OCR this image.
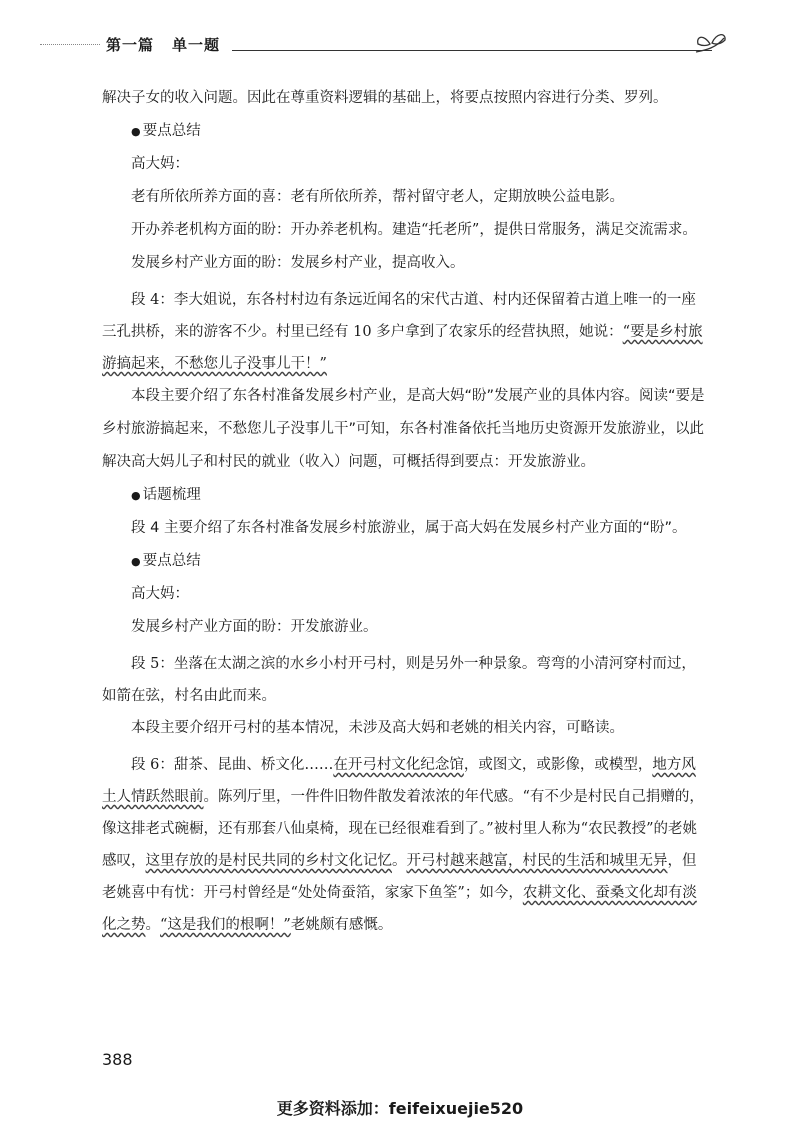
第一篇 单一题

解决子女的收入问题。因此在尊重资料逻辑的基础上，将要点按照内容进行分类、罗列。

● 要点总结

高大妈：

老有所依所养方面的喜：老有所依所养，帮衬留守老人，定期放映公益电影。

开办养老机构方面的盼：开办养老机构。建造“托老所”，提供日常服务，满足交流需求。

发展乡村产业方面的盼：发展乡村产业，提高收入。

段 4：李大姐说，东各村村边有条远近闻名的宋代古道、村内还保留着古道上唯一的一座三孔拱桥，来的游客不少。村里已经有 10 多户拿到了农家乐的经营执照，她说：“要是乡村旅游搞起来，不愁您儿子没事儿干！”

本段主要介绍了东各村准备发展乡村产业，是高大妈“盼”发展产业的具体内容。阅读“要是乡村旅游搞起来，不愁您儿子没事儿干”可知，东各村准备依托当地历史资源开发旅游业，以此解决高大妈儿子和村民的就业（收入）问题，可概括得到要点：开发旅游业。

● 话题梳理

段 4 主要介绍了东各村准备发展乡村旅游业，属于高大妈在发展乡村产业方面的“盼”。

● 要点总结

高大妈：

发展乡村产业方面的盼：开发旅游业。

段 5：坐落在太湖之滨的水乡小村开弓村，则是另外一种景象。弯弯的小清河穿村而过，如箭在弦，村名由此而来。

本段主要介绍开弓村的基本情况，未涉及高大妈和老姚的相关内容，可略读。

段 6：甜茶、昆曲、桥文化……在开弓村文化纪念馆，或图文，或影像，或模型，地方风土人情跃然眼前。陈列厅里，一件件旧物件散发着浓浓的年代感。“有不少是村民自己捐赠的，像这排老式碗橱，还有那套八仙桌椅，现在已经很难看到了。”被村里人称为“农民教授”的老姚感叹，这里存放的是村民共同的乡村文化记忆。开弓村越来越富，村民的生活和城里无异，但老姚喜中有忧：开弓村曾经是“处处倚蚕箔，家家下鱼筌”；如今，农耕文化、蚕桑文化却有淡化之势。“这是我们的根啊！”老姚颇有感慨。

388
更多资料添加：feifeixuejie520
